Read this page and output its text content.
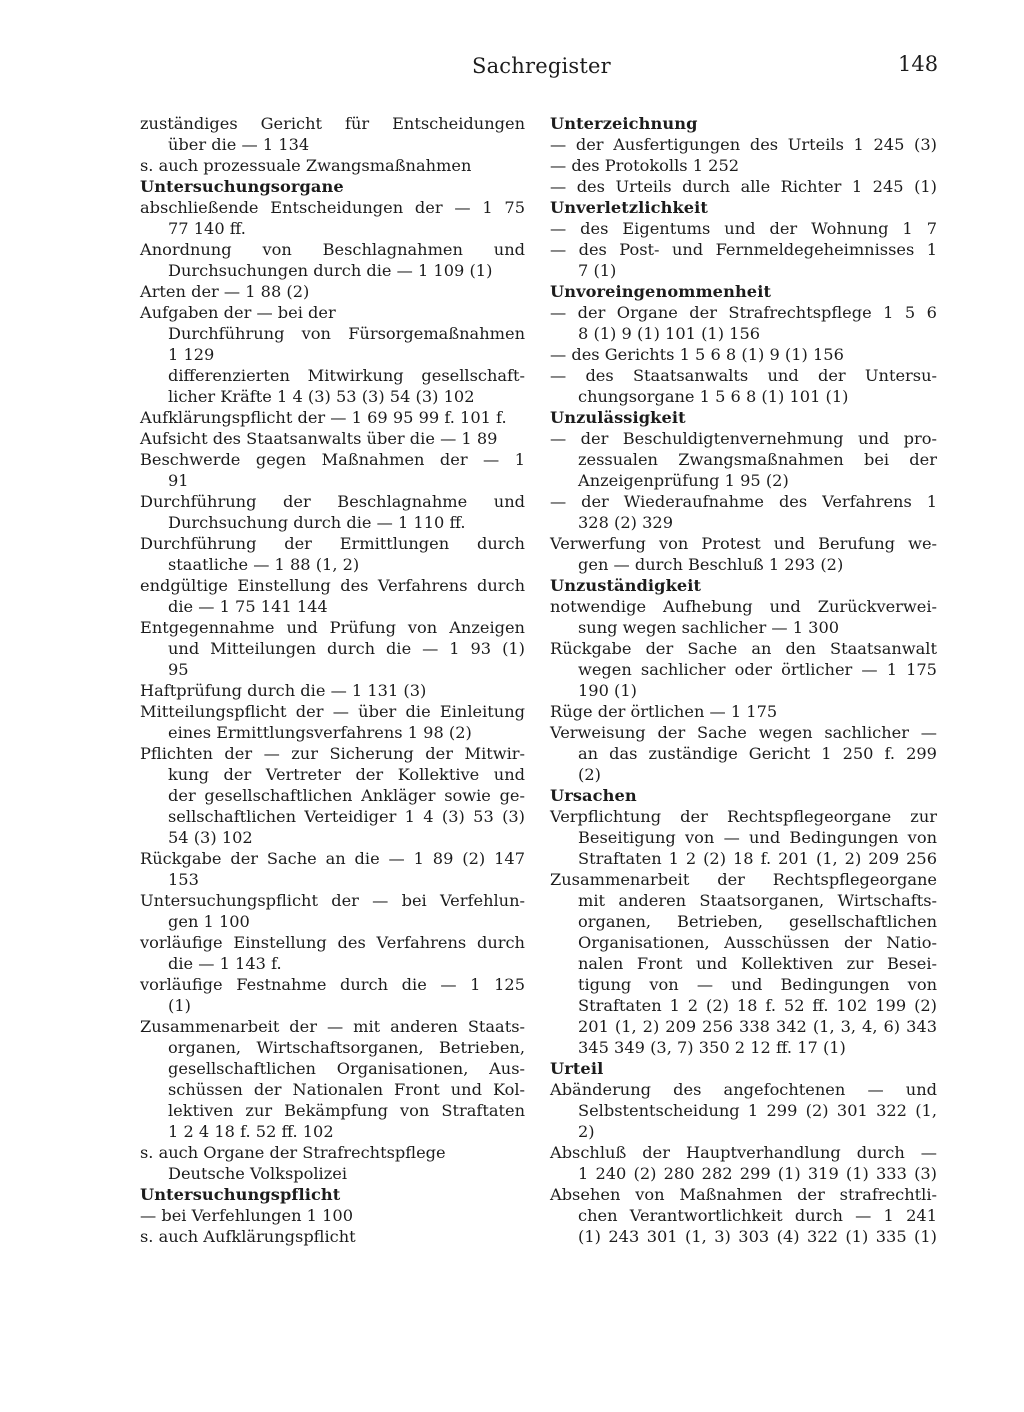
Sachregister	148
zuständiges Gericht für Entscheidungen
über die — 1 134
s. auch prozessuale Zwangsmaßnahmen
Untersuchungsorgane
abschließende Entscheidungen der — 1 75
77 140 ff.
Anordnung von Beschlagnahmen und
Durchsuchungen durch die — 1 109 (1)
Arten der — 1 88 (2)
Aufgaben der — bei der
Durchführung von Fürsorgemaßnahmen
1 129
differenzierten Mitwirkung gesellschaft-
licher Kräfte 1 4 (3) 53 (3) 54 (3) 102
Aufklärungspflicht der — 1 69 95 99 f. 101 f.
Aufsicht des Staatsanwalts über die — 1 89
Beschwerde gegen Maßnahmen der — 1
91
Durchführung der Beschlagnahme und
Durchsuchung durch die — 1 110 ff.
Durchführung der Ermittlungen durch
staatliche — 1 88 (1, 2)
endgültige Einstellung des Verfahrens durch
die — 1 75 141 144
Entgegennahme und Prüfung von Anzeigen
und Mitteilungen durch die — 1 93 (1)
95
Haftprüfung durch die — 1 131 (3)
Mitteilungspflicht der — über die Einleitung
eines Ermittlungsverfahrens 1 98 (2)
Pflichten der — zur Sicherung der Mitwir-
kung der Vertreter der Kollektive und
der gesellschaftlichen Ankläger sowie ge-
sellschaftlichen Verteidiger 1 4 (3) 53 (3)
54 (3) 102
Rückgabe der Sache an die — 1 89 (2) 147
153
Untersuchungspflicht der — bei Verfehlun-
gen 1 100
vorläufige Einstellung des Verfahrens durch
die — 1 143 f.
vorläufige Festnahme durch die — 1 125
(1)
Zusammenarbeit der — mit anderen Staats-
organen, Wirtschaftsorganen, Betrieben,
gesellschaftlichen Organisationen, Aus-
schüssen der Nationalen Front und Kol-
lektiven zur Bekämpfung von Straftaten
1 2 4 18 f. 52 ff. 102
s. auch Organe der Strafrechtspflege
Deutsche Volkspolizei
Untersuchungspflicht
— bei Verfehlungen 1 100
s. auch Aufklärungspflicht
Unterzeichnung
— der Ausfertigungen des Urteils 1 245 (3)
— des Protokolls 1 252
— des Urteils durch alle Richter 1 245 (1)
Unverletzlichkeit
— des Eigentums und der Wohnung 1 7
— des Post- und Fernmeldegeheimnisses 1
7 (1)
Unvoreingenommenheit
— der Organe der Strafrechtspflege 1 5 6
8 (1) 9 (1) 101 (1) 156
— des Gerichts 1 5 6 8 (1) 9 (1) 156
— des Staatsanwalts und der Untersu-
chungsorgane 1 5 6 8 (1) 101 (1)
Unzulässigkeit
— der Beschuldigtenvernehmung und pro-
zessualen Zwangsmaßnahmen bei der
Anzeigenprüfung 1 95 (2)
— der Wiederaufnahme des Verfahrens 1
328 (2) 329
Verwerfung von Protest und Berufung we-
gen — durch Beschluß 1 293 (2)
Unzuständigkeit
notwendige Aufhebung und Zurückverwei-
sung wegen sachlicher — 1 300
Rückgabe der Sache an den Staatsanwalt
wegen sachlicher oder örtlicher — 1 175
190 (1)
Rüge der örtlichen — 1 175
Verweisung der Sache wegen sachlicher —
an das zuständige Gericht 1 250 f. 299
(2)
Ursachen
Verpflichtung der Rechtspflegeorgane zur
Beseitigung von — und Bedingungen von
Straftaten 1 2 (2) 18 f. 201 (1, 2) 209 256
Zusammenarbeit der Rechtspflegeorgane
mit anderen Staatsorganen, Wirtschafts-
organen, Betrieben, gesellschaftlichen
Organisationen, Ausschüssen der Natio-
nalen Front und Kollektiven zur Besei-
tigung von — und Bedingungen von
Straftaten 1 2 (2) 18 f. 52 ff. 102 199 (2)
201 (1, 2) 209 256 338 342 (1, 3, 4, 6) 343
345 349 (3, 7) 350 2 12 ff. 17 (1)
Urteil
Abänderung des angefochtenen — und
Selbstentscheidung 1 299 (2) 301 322 (1,
2)
Abschluß der Hauptverhandlung durch —
1 240 (2) 280 282 299 (1) 319 (1) 333 (3)
Absehen von Maßnahmen der strafrechtli-
chen Verantwortlichkeit durch — 1 241
(1) 243 301 (1, 3) 303 (4) 322 (1) 335 (1)
